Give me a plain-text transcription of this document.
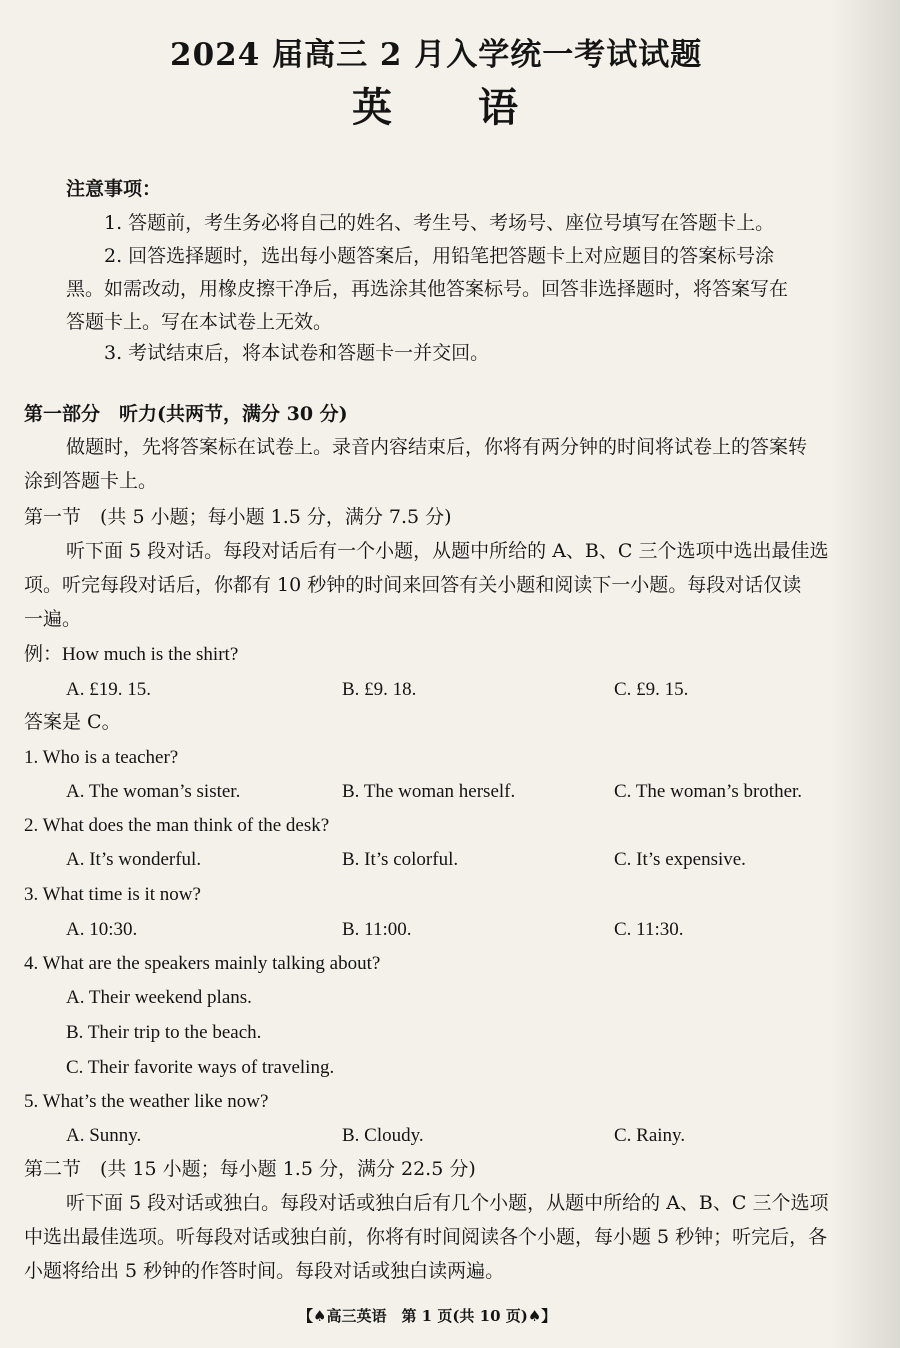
2024 届高三 2 月入学统一考试试题
英　　语
注意事项：
1. 答题前，考生务必将自己的姓名、考生号、考场号、座位号填写在答题卡上。
2. 回答选择题时，选出每小题答案后，用铅笔把答题卡上对应题目的答案标号涂
黑。如需改动，用橡皮擦干净后，再选涂其他答案标号。回答非选择题时，将答案写在
答题卡上。写在本试卷上无效。
3. 考试结束后，将本试卷和答题卡一并交回。
第一部分　听力(共两节，满分 30 分)
做题时，先将答案标在试卷上。录音内容结束后，你将有两分钟的时间将试卷上的答案转
涂到答题卡上。
第一节　(共 5 小题；每小题 1.5 分，满分 7.5 分)
听下面 5 段对话。每段对话后有一个小题，从题中所给的 A、B、C 三个选项中选出最佳选
项。听完每段对话后，你都有 10 秒钟的时间来回答有关小题和阅读下一小题。每段对话仅读
一遍。
例：How much is the shirt?
A. £19. 15.	B. £9. 18.	C. £9. 15.
答案是 C。
1. Who is a teacher?
A. The woman’s sister.	B. The woman herself.	C. The woman’s brother.
2. What does the man think of the desk?
A. It’s wonderful.	B. It’s colorful.	C. It’s expensive.
3. What time is it now?
A. 10:30.	B. 11:00.	C. 11:30.
4. What are the speakers mainly talking about?
A. Their weekend plans.
B. Their trip to the beach.
C. Their favorite ways of traveling.
5. What’s the weather like now?
A. Sunny.	B. Cloudy.	C. Rainy.
第二节　(共 15 小题；每小题 1.5 分，满分 22.5 分)
听下面 5 段对话或独白。每段对话或独白后有几个小题，从题中所给的 A、B、C 三个选项
中选出最佳选项。听每段对话或独白前，你将有时间阅读各个小题，每小题 5 秒钟；听完后，各
小题将给出 5 秒钟的作答时间。每段对话或独白读两遍。
【♠高三英语　第 1 页(共 10 页)♠】
